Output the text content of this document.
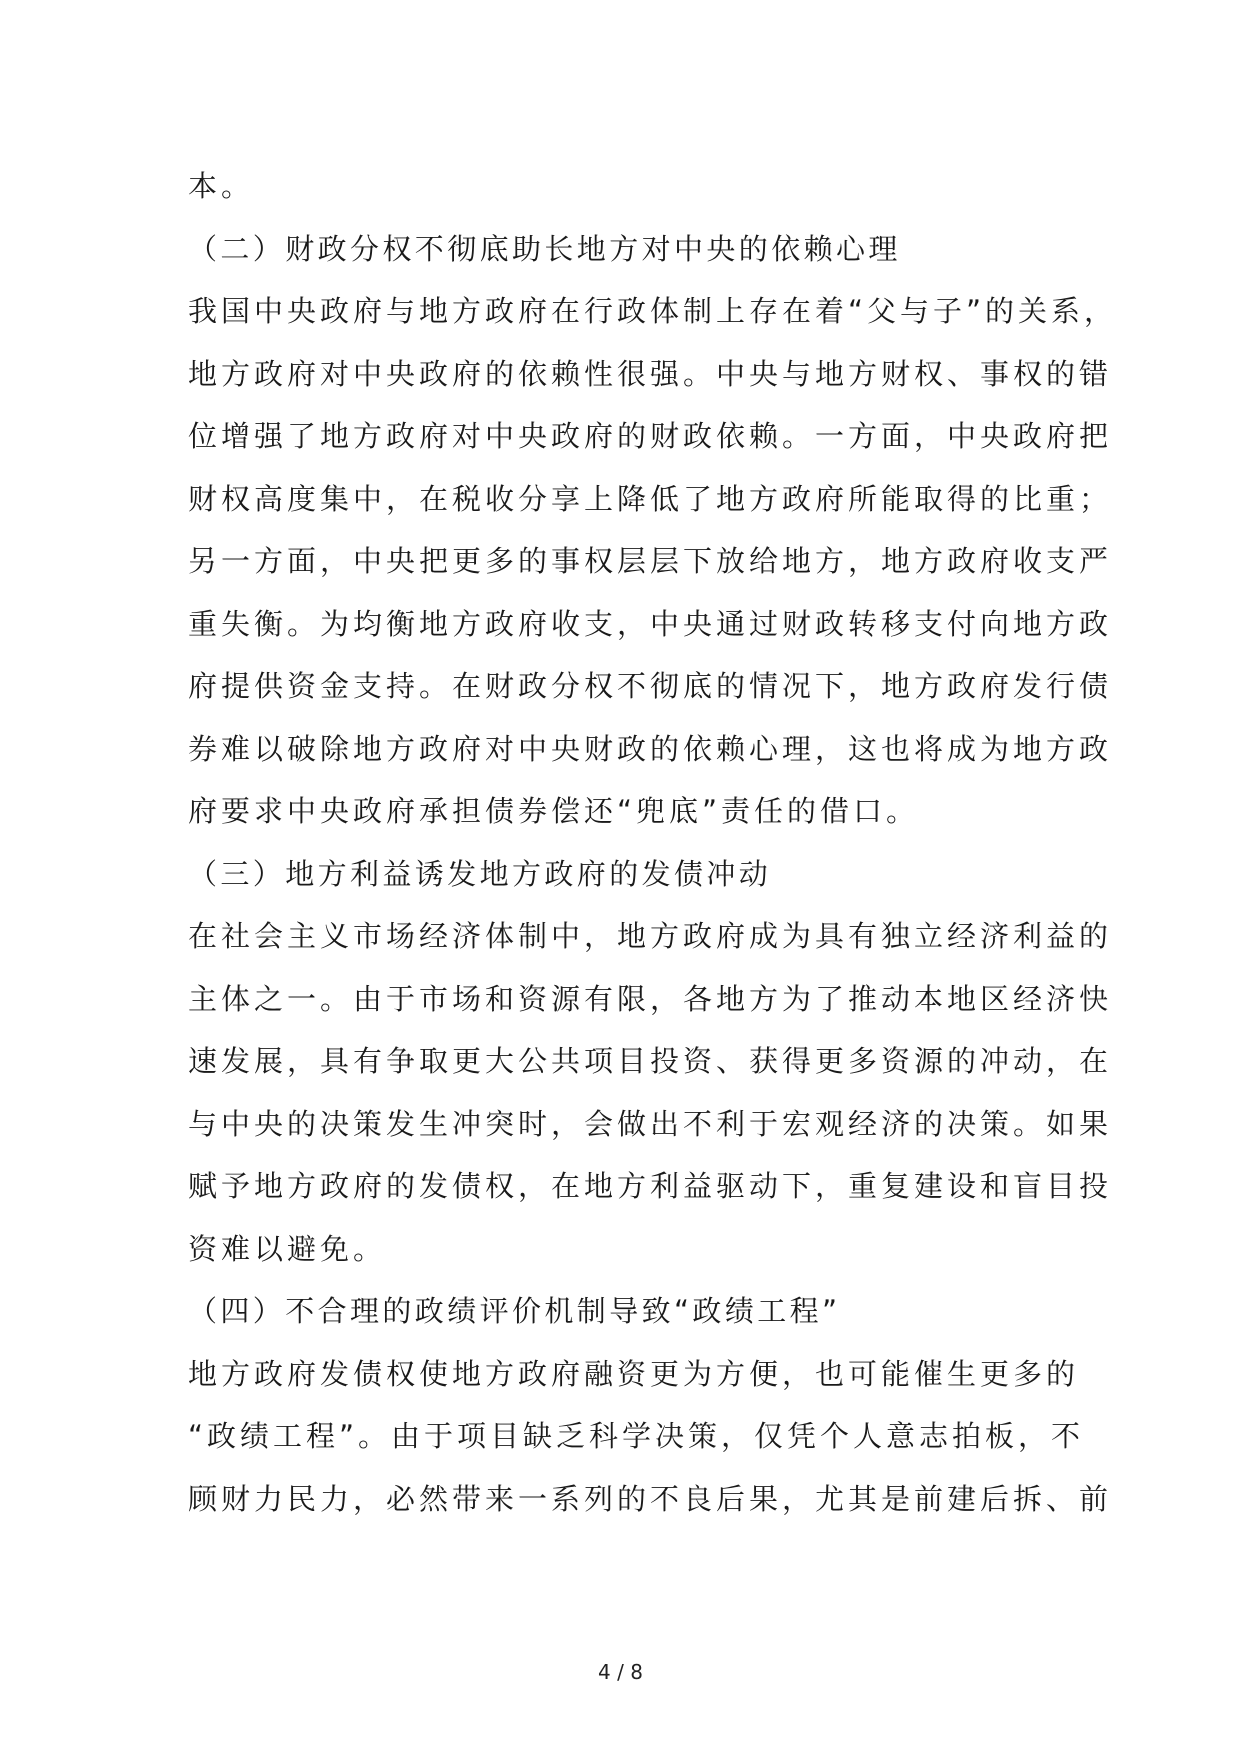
本。
（二）财政分权不彻底助长地方对中央的依赖心理
我国中央政府与地方政府在行政体制上存在着“父与子”的关系，
地方政府对中央政府的依赖性很强。中央与地方财权、事权的错
位增强了地方政府对中央政府的财政依赖。一方面，中央政府把
财权高度集中，在税收分享上降低了地方政府所能取得的比重；
另一方面，中央把更多的事权层层下放给地方，地方政府收支严
重失衡。为均衡地方政府收支，中央通过财政转移支付向地方政
府提供资金支持。在财政分权不彻底的情况下，地方政府发行债
券难以破除地方政府对中央财政的依赖心理，这也将成为地方政
府要求中央政府承担债券偿还“兜底”责任的借口。
（三）地方利益诱发地方政府的发债冲动
在社会主义市场经济体制中，地方政府成为具有独立经济利益的
主体之一。由于市场和资源有限，各地方为了推动本地区经济快
速发展，具有争取更大公共项目投资、获得更多资源的冲动，在
与中央的决策发生冲突时，会做出不利于宏观经济的决策。如果
赋予地方政府的发债权，在地方利益驱动下，重复建设和盲目投
资难以避免。
（四）不合理的政绩评价机制导致“政绩工程”
地方政府发债权使地方政府融资更为方便，也可能催生更多的
“政绩工程”。由于项目缺乏科学决策，仅凭个人意志拍板，不
顾财力民力，必然带来一系列的不良后果，尤其是前建后拆、前
4 / 8
